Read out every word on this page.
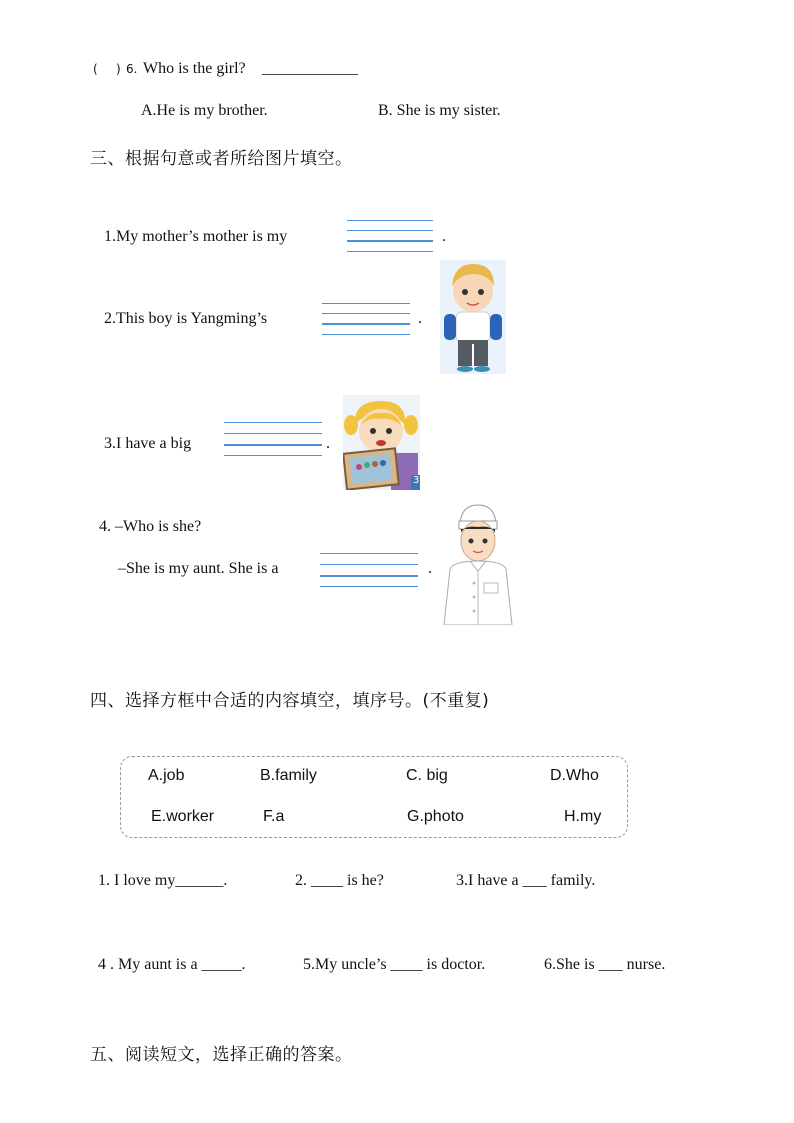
( ) 6. Who is the girl? ____________
A.He is my brother.	B. She is my sister.
三、根据句意或者所给图片填空。
1.My mother’s mother is my	.
2.This boy is Yangming’s	.
3.I have a big	.
3
4. –Who is she?
–She is my aunt. She is a	.
四、选择方框中合适的内容填空，填序号。(不重复)
A.job	B.family	C. big	D.Who
E.worker	F.a	G.photo	H.my
1. I love my______.	2. ____ is he?	3.I have a ___ family.
4 . My aunt is a _____.	5.My uncle’s ____ is doctor.	6.She is ___ nurse.
五、阅读短文，选择正确的答案。
